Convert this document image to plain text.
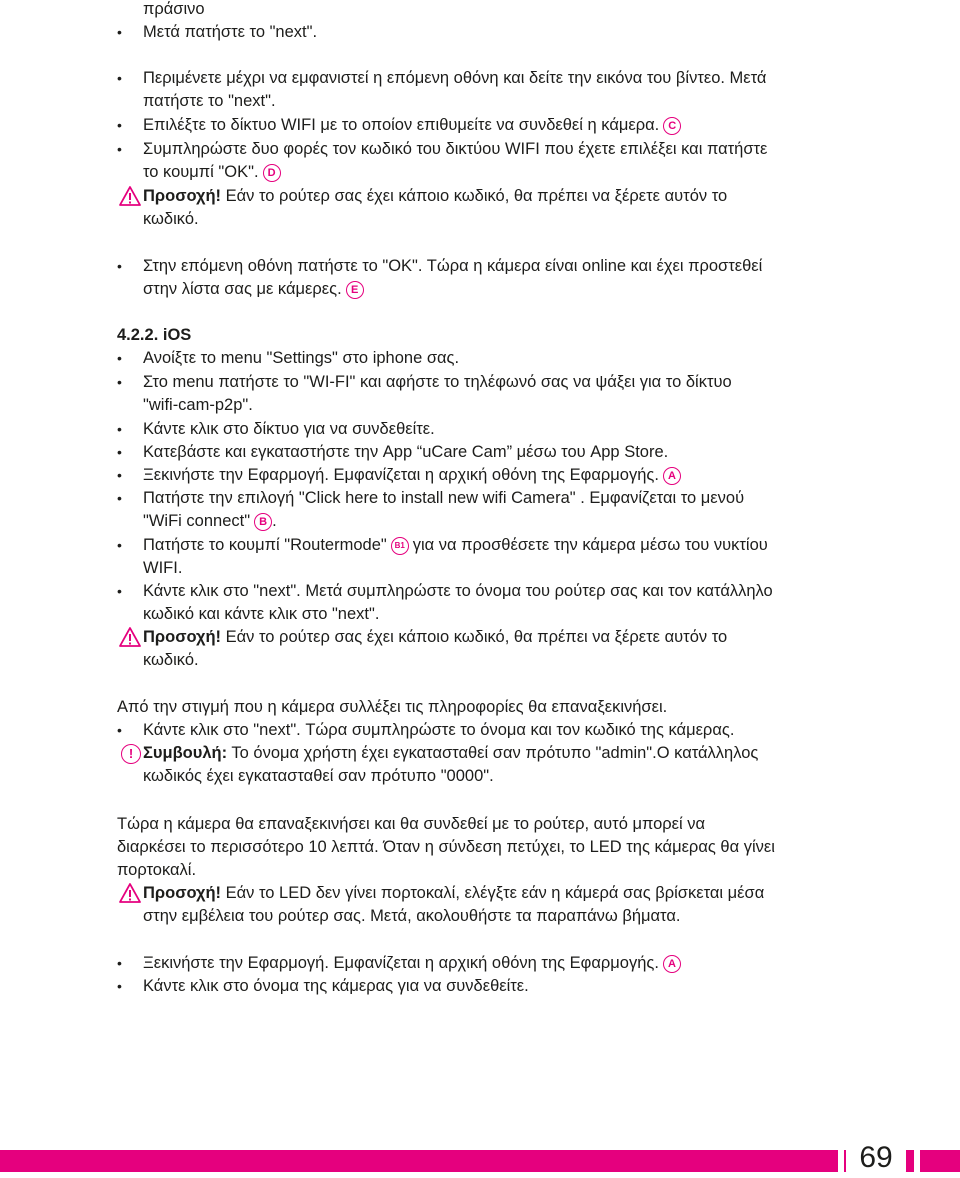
πράσινο
• Μετά πατήστε το "next".
• Περιμένετε μέχρι να εμφανιστεί η επόμενη οθόνη και δείτε την εικόνα του βίντεο. Μετά
πατήστε το "next".
• Επιλέξτε το δίκτυο WIFI με το οποίον επιθυμείτε να συνδεθεί η κάμερα. C
• Συμπληρώστε δυο φορές τον κωδικό του δικτύου WIFI που έχετε επιλέξει και πατήστε
το κουμπί "ΟΚ". D
Προσοχή! Εάν το ρούτερ σας έχει κάποιο κωδικό, θα πρέπει να ξέρετε αυτόν το
κωδικό.
• Στην επόμενη οθόνη πατήστε το "ΟΚ". Τώρα η κάμερα είναι online και έχει προστεθεί
στην λίστα σας με κάμερες. E
4.2.2. iOS
• Ανοίξτε το menu "Settings" στο iphone σας.
• Στο menu πατήστε το "WI-FI" και αφήστε το τηλέφωνό σας να ψάξει για το δίκτυο
"wifi-cam-p2p".
• Κάντε κλικ στο δίκτυο για να συνδεθείτε.
• Κατεβάστε και εγκαταστήστε την App “uCare Cam” μέσω του App Store.
• Ξεκινήστε την Εφαρμογή. Εμφανίζεται η αρχική οθόνη της Εφαρμογής. A
• Πατήστε την επιλογή "Click here to install new wifi Camera" . Εμφανίζεται το μενού
"WiFi connect" B .
• Πατήστε το κουμπί "Routermode" B1 για να προσθέσετε την κάμερα μέσω του νυκτίου
WIFI.
• Κάντε κλικ στο "next". Μετά συμπληρώστε το όνομα του ρούτερ σας και τον κατάλληλο
κωδικό και κάντε κλικ στο "next".
Προσοχή! Εάν το ρούτερ σας έχει κάποιο κωδικό, θα πρέπει να ξέρετε αυτόν το
κωδικό.
Από την στιγμή που η κάμερα συλλέξει τις πληροφορίες θα επαναξεκινήσει.
• Κάντε κλικ στο "next". Τώρα συμπληρώστε το όνομα και τον κωδικό της κάμερας.
! Συμβουλή: Το όνομα χρήστη έχει εγκατασταθεί σαν πρότυπο "admin".Ο κατάλληλος
κωδικός έχει εγκατασταθεί σαν πρότυπο "0000".
Τώρα η κάμερα θα επαναξεκινήσει και θα συνδεθεί με το ρούτερ, αυτό μπορεί να
διαρκέσει το περισσότερο 10 λεπτά. Όταν η σύνδεση πετύχει, το LED της κάμερας θα γίνει
πορτοκαλί.
Προσοχή! Εάν το LED δεν γίνει πορτοκαλί, ελέγξτε εάν η κάμερά σας βρίσκεται μέσα
στην εμβέλεια του ρούτερ σας. Μετά, ακολουθήστε τα παραπάνω βήματα.
• Ξεκινήστε την Εφαρμογή. Εμφανίζεται η αρχική οθόνη της Εφαρμογής. A
• Κάντε κλικ στο όνομα της κάμερας για να συνδεθείτε.
69
